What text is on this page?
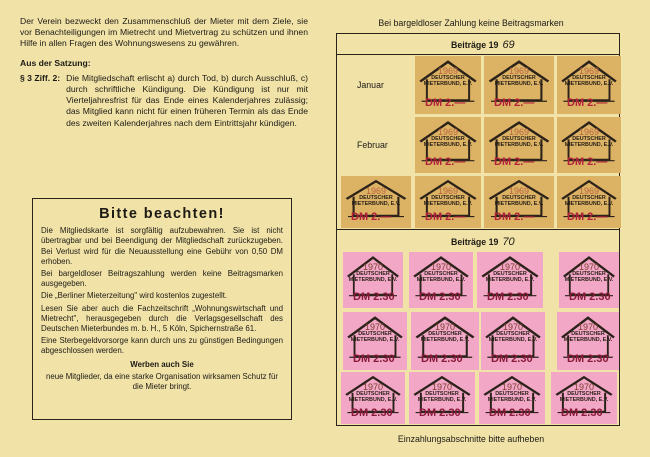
Der Verein bezweckt den Zusammenschluß der Mieter mit dem Ziele, sie vor Benachteiligungen im Mietrecht und Mietvertrag zu schützen und ihnen Hilfe in allen Fragen des Wohnungswesens zu gewähren.

Aus der Satzung:

§ 3 Ziff. 2: Die Mitgliedschaft erlischt a) durch Tod, b) durch Ausschluß, c) durch schriftliche Kündigung. Die Kündigung ist nur mit Vierteljahresfrist für das Ende eines Kalenderjahres zulässig; das Mitglied kann nicht für einen früheren Termin als das Ende des zweiten Kalenderjahres nach dem Eintrittsjahr kündigen.
Bitte beachten!

Die Mitgliedskarte ist sorgfältig aufzubewahren. Sie ist nicht übertragbar und bei Beendigung der Mitgliedschaft zurückzugeben. Bei Verlust wird für die Neuausstellung eine Gebühr von 0,50 DM erhoben.

Bei bargeldloser Beitragszahlung werden keine Beitragsmarken ausgegeben.

Die „Berliner Mieterzeitung" wird kostenlos zugestellt.

Lesen Sie aber auch die Fachzeitschrift „Wohnungswirtschaft und Mietrecht", herausgegeben durch die Verlagsgesellschaft des Deutschen Mieterbundes m. b. H., 5 Köln, Spichernstraße 61.

Eine Sterbegeldvorsorge kann durch uns zu günstigen Bedingungen abgeschlossen werden.

Werben auch Sie

neue Mitglieder, da eine starke Organisation wirksamen Schutz für die Mieter bringt.

Bei bargeldloser Zahlung keine Beitragsmarken
Beiträge 19 69
Januar
Februar
Beiträge 19 70
1969
DEUTSCHER
MIETERBUND, E.V.
DM 2.—
1969
DEUTSCHER
MIETERBUND, E.V.
DM 2.—
1969
DEUTSCHER
MIETERBUND, E.V.
DM 2.—
1969
DEUTSCHER
MIETERBUND, E.V.
DM 2.—
1969
DEUTSCHER
MIETERBUND, E.V.
DM 2.—
1969
DEUTSCHER
MIETERBUND, E.V.
DM 2.—
1969
DEUTSCHER
MIETERBUND, E.V.
DM 2.—
1969
DEUTSCHER
MIETERBUND, E.V.
DM 2.—
1969
DEUTSCHER
MIETERBUND, E.V.
DM 2.—
1969
DEUTSCHER
MIETERBUND, E.V.
DM 2.—
1970
DEUTSCHER
MIETERBUND, E.V.
DM 2.30
1970
DEUTSCHER
MIETERBUND, E.V.
DM 2.30
1970
DEUTSCHER
MIETERBUND, E.V.
DM 2.30
1970
DEUTSCHER
MIETERBUND, E.V.
DM 2.30
1970
DEUTSCHER
MIETERBUND, E.V.
DM 2.30
1970
DEUTSCHER
MIETERBUND, E.V.
DM 2.30
1970
DEUTSCHER
MIETERBUND, E.V.
DM 2.30
1970
DEUTSCHER
MIETERBUND, E.V.
DM 2.30
1970
DEUTSCHER
MIETERBUND, E.V.
DM 2.30
1970
DEUTSCHER
MIETERBUND, E.V.
DM 2.30
1970
DEUTSCHER
MIETERBUND, E.V.
DM 2.30
1970
DEUTSCHER
MIETERBUND, E.V.
DM 2.30
Einzahlungsabschnitte bitte aufheben
